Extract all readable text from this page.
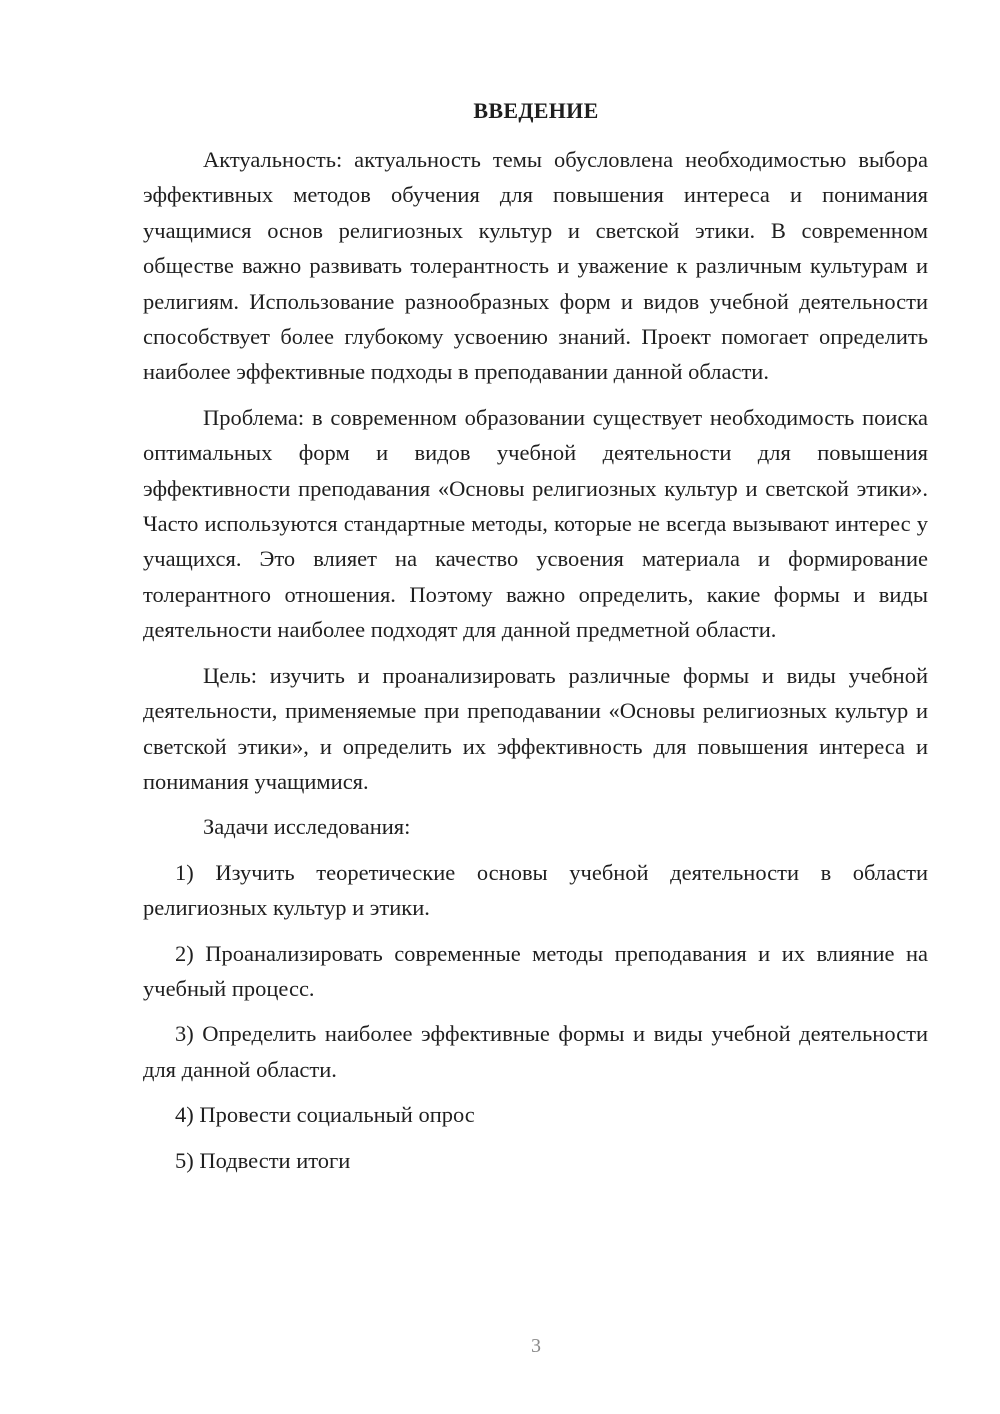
ВВЕДЕНИЕ

Актуальность: актуальность темы обусловлена необходимостью выбора эффективных методов обучения для повышения интереса и понимания учащимися основ религиозных культур и светской этики. В современном обществе важно развивать толерантность и уважение к различным культурам и религиям. Использование разнообразных форм и видов учебной деятельности способствует более глубокому усвоению знаний. Проект помогает определить наиболее эффективные подходы в преподавании данной области.

Проблема: в современном образовании существует необходимость поиска оптимальных форм и видов учебной деятельности для повышения эффективности преподавания «Основы религиозных культур и светской этики». Часто используются стандартные методы, которые не всегда вызывают интерес у учащихся. Это влияет на качество усвоения материала и формирование толерантного отношения. Поэтому важно определить, какие формы и виды деятельности наиболее подходят для данной предметной области.

Цель: изучить и проанализировать различные формы и виды учебной деятельности, применяемые при преподавании «Основы религиозных культур и светской этики», и определить их эффективность для повышения интереса и понимания учащимися.

Задачи исследования:

1) Изучить теоретические основы учебной деятельности в области религиозных культур и этики.

2) Проанализировать современные методы преподавания и их влияние на учебный процесс.

3) Определить наиболее эффективные формы и виды учебной деятельности для данной области.

4) Провести социальный опрос

5) Подвести итоги

3
